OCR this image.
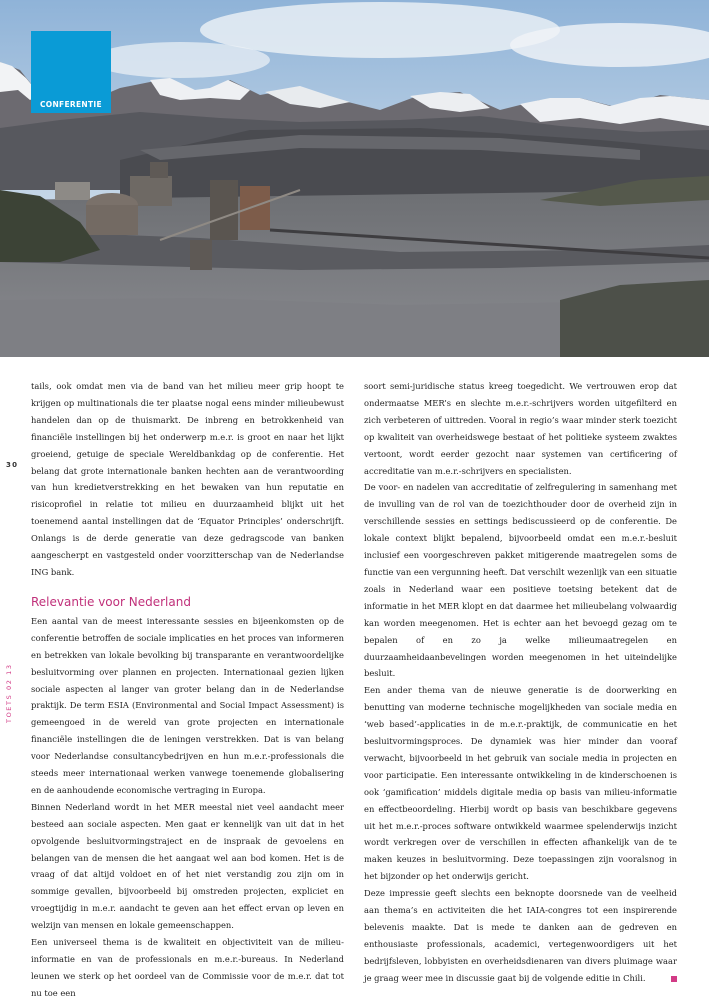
CONFERENTIE
30
TOETS 02 13

tails, ook omdat men via de band van het milieu meer grip hoopt te krijgen op multinationals die ter plaatse nogal eens minder milieubewust handelen dan op de thuismarkt. De inbreng en betrokkenheid van financiële instellingen bij het onderwerp m.e.r. is groot en naar het lijkt groeiend, getuige de speciale Wereldbankdag op de conferentie. Het belang dat grote internationale banken hechten aan de verantwoording van hun kredietverstrekking en het bewaken van hun reputatie en risicoprofiel in relatie tot milieu en duurzaamheid blijkt uit het toenemend aantal instellingen dat de ‘Equator Principles’ onderschrijft. Onlangs is de derde generatie van deze gedragscode van banken aangescherpt en vastgesteld onder voorzitterschap van de Nederlandse ING bank.

Relevantie voor Nederland

Een aantal van de meest interessante sessies en bijeenkomsten op de conferentie betroffen de sociale implicaties en het proces van informeren en betrekken van lokale bevolking bij transparante en verantwoordelijke besluitvorming over plannen en projecten. Internationaal gezien lijken sociale aspecten al langer van groter belang dan in de Nederlandse praktijk. De term ESIA (Environmental and Social Impact Assessment) is gemeengoed in de wereld van grote projecten en internationale financiële instellingen die de leningen verstrekken. Dat is van belang voor Nederlandse consultancybedrijven en hun m.e.r.-professionals die steeds meer internationaal werken vanwege toenemende globalisering en de aanhoudende economische vertraging in Europa.

Binnen Nederland wordt in het MER meestal niet veel aandacht meer besteed aan sociale aspecten. Men gaat er kennelijk van uit dat in het opvolgende besluitvormingstraject en de inspraak de gevoelens en belangen van de mensen die het aangaat wel aan bod komen. Het is de vraag of dat altijd voldoet en of het niet verstandig zou zijn om in sommige gevallen, bijvoorbeeld bij omstreden projecten, expliciet en vroegtijdig in m.e.r. aandacht te geven aan het effect ervan op leven en welzijn van mensen en lokale gemeenschappen.

Een universeel thema is de kwaliteit en objectiviteit van de milieu-informatie en van de professionals en m.e.r.-bureaus. In Nederland leunen we sterk op het oordeel van de Commissie voor de m.e.r. dat tot nu toe een

soort semi-juridische status kreeg toegedicht. We vertrouwen erop dat ondermaatse MER’s en slechte m.e.r.-schrijvers worden uitgefilterd en zich verbeteren of uittreden. Vooral in regio’s waar minder sterk toezicht op kwaliteit van overheidswege bestaat of het politieke systeem zwaktes vertoont, wordt eerder gezocht naar systemen van certificering of accreditatie van m.e.r.-schrijvers en specialisten.

De voor- en nadelen van accreditatie of zelfregulering in samenhang met de invulling van de rol van de toezichthouder door de overheid zijn in verschillende sessies en settings bediscussieerd op de conferentie. De lokale context blijkt bepalend, bijvoorbeeld omdat een m.e.r.-besluit inclusief een voorgeschreven pakket mitigerende maatregelen soms de functie van een vergunning heeft. Dat verschilt wezenlijk van een situatie zoals in Nederland waar een positieve toetsing betekent dat de informatie in het MER klopt en dat daarmee het milieubelang volwaardig kan worden meegenomen. Het is echter aan het bevoegd gezag om te bepalen of en zo ja welke milieumaatregelen en duurzaamheidaanbevelingen worden meegenomen in het uiteindelijke besluit.

Een ander thema van de nieuwe generatie is de doorwerking en benutting van moderne technische mogelijkheden van sociale media en ‘web based’-applicaties in de m.e.r.-praktijk, de communicatie en het besluitvormingsproces. De dynamiek was hier minder dan vooraf verwacht, bijvoorbeeld in het gebruik van sociale media in projecten en voor participatie. Een interessante ontwikkeling in de kinderschoenen is ook ‘gamification’ middels digitale media op basis van milieu-informatie en effectbeoordeling. Hierbij wordt op basis van beschikbare gegevens uit het m.e.r.-proces software ontwikkeld waarmee spelenderwijs inzicht wordt verkregen over de verschillen in effecten afhankelijk van de te maken keuzes in besluitvorming. Deze toepassingen zijn vooralsnog in het bijzonder op het onderwijs gericht.

Deze impressie geeft slechts een beknopte doorsnede van de veelheid aan thema’s en activiteiten die het IAIA-congres tot een inspirerende belevenis maakte. Dat is mede te danken aan de gedreven en enthousiaste professionals, academici, vertegenwoordigers uit het bedrijfsleven, lobbyisten en overheidsdienaren van divers pluimage waar je graag weer mee in discussie gaat bij de volgende editie in Chili.
